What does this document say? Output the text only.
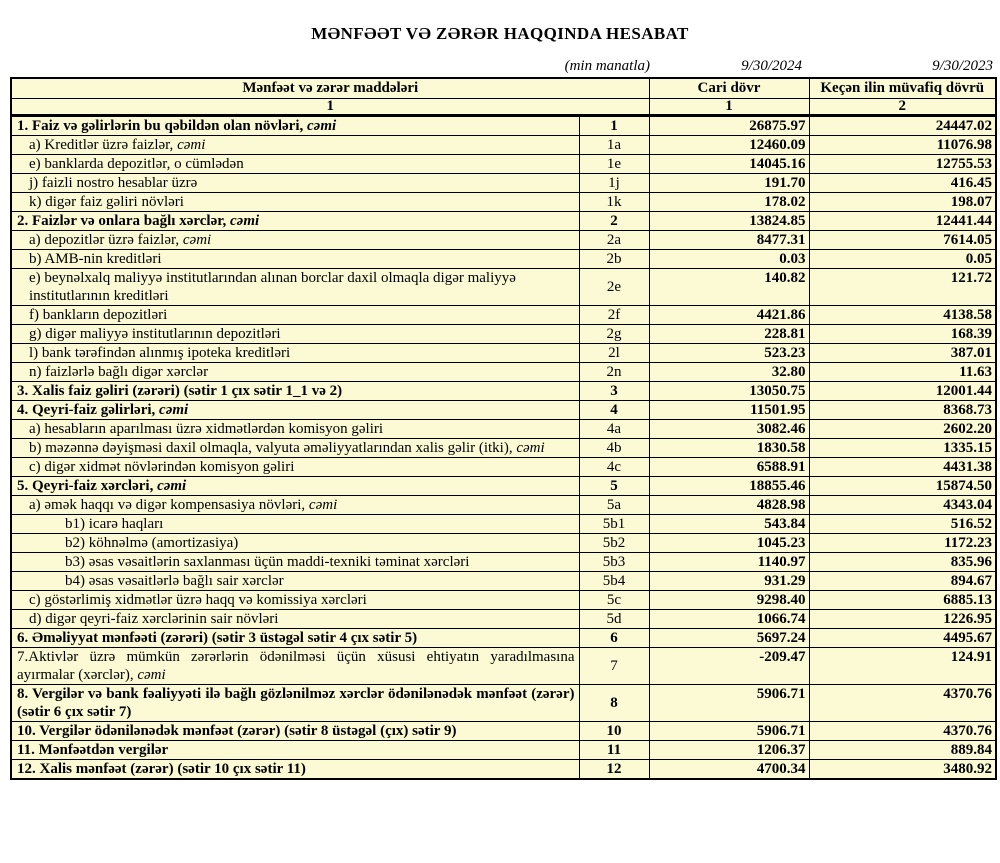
MƏNFƏƏT VƏ ZƏRƏR HAQQINDA HESABAT
(min manatla)	9/30/2024	9/30/2023
Mənfəət və zərər maddələri		Cari dövr	Keçən ilin müvafiq dövrü
1		1	2
1. Faiz və gəlirlərin bu qəbildən olan növləri, cəmi	1	26875.97	24447.02
a) Kreditlər üzrə faizlər, cəmi	1a	12460.09	11076.98
e) banklarda depozitlər, o cümlədən	1e	14045.16	12755.53
j) faizli nostro hesablar üzrə	1j	191.70	416.45
k) digər faiz gəliri növləri	1k	178.02	198.07
2. Faizlər və onlara bağlı xərclər, cəmi	2	13824.85	12441.44
a) depozitlər üzrə faizlər, cəmi	2a	8477.31	7614.05
b) AMB-nin kreditləri	2b	0.03	0.05
e) beynəlxalq maliyyə institutlarından alınan borclar daxil olmaqla digər maliyyə institutlarının kreditləri	2e	140.82	121.72
f) bankların depozitləri	2f	4421.86	4138.58
g) digər maliyyə institutlarının depozitləri	2g	228.81	168.39
l) bank tərəfindən alınmış ipoteka kreditləri	2l	523.23	387.01
n) faizlərlə bağlı digər xərclər	2n	32.80	11.63
3. Xalis faiz gəliri (zərəri) (sətir 1 çıx sətir 1_1 və 2)	3	13050.75	12001.44
4. Qeyri-faiz gəlirləri, cəmi	4	11501.95	8368.73
a) hesabların aparılması üzrə xidmətlərdən komisyon gəliri	4a	3082.46	2602.20
b) məzənnə dəyişməsi daxil olmaqla, valyuta əməliyyatlarından xalis gəlir (itki), cəmi	4b	1830.58	1335.15
c) digər xidmət növlərindən komisyon gəliri	4c	6588.91	4431.38
5. Qeyri-faiz xərcləri, cəmi	5	18855.46	15874.50
a) əmək haqqı və digər kompensasiya növləri, cəmi	5a	4828.98	4343.04
b1) icarə haqları	5b1	543.84	516.52
b2) köhnəlmə (amortizasiya)	5b2	1045.23	1172.23
b3) əsas vəsaitlərin saxlanması üçün maddi-texniki təminat xərcləri	5b3	1140.97	835.96
b4) əsas vəsaitlərlə bağlı sair xərclər	5b4	931.29	894.67
c) göstərlimiş xidmətlər üzrə haqq və komissiya xərcləri	5c	9298.40	6885.13
d) digər qeyri-faiz xərclərinin sair növləri	5d	1066.74	1226.95
6. Əməliyyat mənfəəti (zərəri) (sətir 3 üstəgəl sətir 4 çıx sətir 5)	6	5697.24	4495.67
7.Aktivlər üzrə mümkün zərərlərin ödənilməsi üçün xüsusi ehtiyatın yaradılmasına ayırmalar (xərclər), cəmi	7	-209.47	124.91
8. Vergilər və bank fəaliyyəti ilə bağlı gözlənilməz xərclər ödənilənədək mənfəət (zərər) (sətir 6 çıx sətir 7)	8	5906.71	4370.76
10. Vergilər ödənilənədək mənfəət (zərər) (sətir 8 üstəgəl (çıx) sətir 9)	10	5906.71	4370.76
11. Mənfəətdən vergilər	11	1206.37	889.84
12. Xalis mənfəət (zərər) (sətir 10 çıx sətir 11)	12	4700.34	3480.92
